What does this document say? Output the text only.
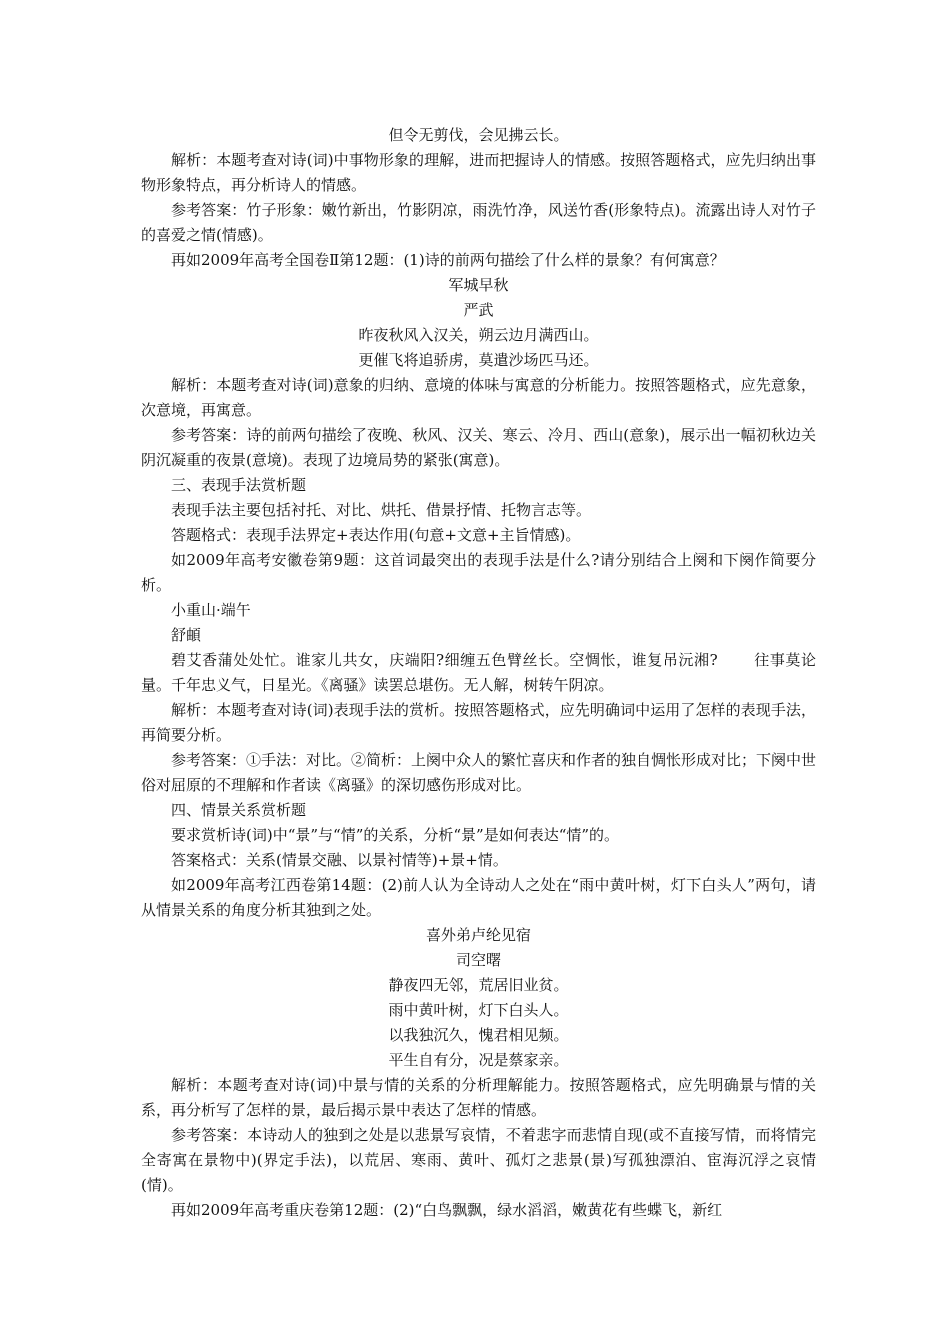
但令无剪伐，会见拂云长。

解析：本题考查对诗(词)中事物形象的理解，进而把握诗人的情感。按照答题格式，应先归纳出事物形象特点，再分析诗人的情感。

参考答案：竹子形象：嫩竹新出，竹影阴凉，雨洗竹净，风送竹香(形象特点)。流露出诗人对竹子的喜爱之情(情感)。

再如2009年高考全国卷Ⅱ第12题：(1)诗的前两句描绘了什么样的景象？有何寓意？

军城早秋

严武

昨夜秋风入汉关，朔云边月满西山。

更催飞将追骄虏，莫遣沙场匹马还。

解析：本题考查对诗(词)意象的归纳、意境的体味与寓意的分析能力。按照答题格式，应先意象，次意境，再寓意。

参考答案：诗的前两句描绘了夜晚、秋风、汉关、寒云、冷月、西山(意象)，展示出一幅初秋边关阴沉凝重的夜景(意境)。表现了边境局势的紧张(寓意)。

三、表现手法赏析题

表现手法主要包括衬托、对比、烘托、借景抒情、托物言志等。

答题格式：表现手法界定+表达作用(句意+文意+主旨情感)。

如2009年高考安徽卷第9题：这首词最突出的表现手法是什么?请分别结合上阕和下阕作简要分析。

小重山·端午

舒頔

碧艾香蒲处处忙。谁家儿共女，庆端阳?细缠五色臂丝长。空惆怅，谁复吊沅湘? 往事莫论量。千年忠义气，日星光。《离骚》读罢总堪伤。无人解，树转午阴凉。

解析：本题考查对诗(词)表现手法的赏析。按照答题格式，应先明确词中运用了怎样的表现手法，再简要分析。

参考答案：①手法：对比。②简析：上阕中众人的繁忙喜庆和作者的独自惆怅形成对比；下阕中世俗对屈原的不理解和作者读《离骚》的深切感伤形成对比。

四、情景关系赏析题

要求赏析诗(词)中“景”与“情”的关系，分析“景”是如何表达“情”的。

答案格式：关系(情景交融、以景衬情等)+景+情。

如2009年高考江西卷第14题：(2)前人认为全诗动人之处在“雨中黄叶树，灯下白头人”两句，请从情景关系的角度分析其独到之处。

喜外弟卢纶见宿

司空曙

静夜四无邻，荒居旧业贫。

雨中黄叶树，灯下白头人。

以我独沉久，愧君相见频。

平生自有分，况是蔡家亲。

解析：本题考查对诗(词)中景与情的关系的分析理解能力。按照答题格式，应先明确景与情的关系，再分析写了怎样的景，最后揭示景中表达了怎样的情感。

参考答案：本诗动人的独到之处是以悲景写哀情，不着悲字而悲情自现(或不直接写情，而将情完全寄寓在景物中)(界定手法)，以荒居、寒雨、黄叶、孤灯之悲景(景)写孤独漂泊、宦海沉浮之哀情(情)。

再如2009年高考重庆卷第12题：(2)“白鸟飘飘，绿水滔滔，嫩黄花有些蝶飞，新红
